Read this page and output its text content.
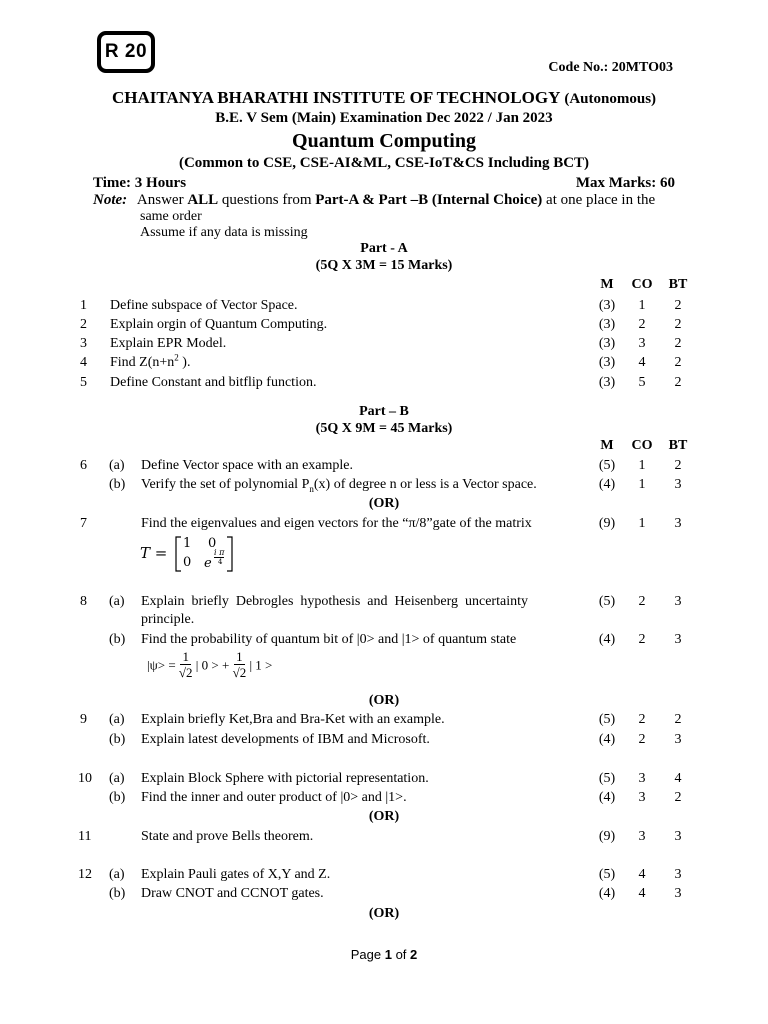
R 20
Code No.: 20MTO03
CHAITANYA BHARATHI INSTITUTE OF TECHNOLOGY (Autonomous)
B.E. V Sem (Main) Examination Dec 2022 / Jan 2023
Quantum Computing
(Common to CSE, CSE-AI&ML, CSE-IoT&CS Including BCT)
Time: 3 Hours	Max Marks: 60
Note: Answer ALL questions from Part-A & Part –B (Internal Choice) at one place in the
same order
Assume if any data is missing
Part - A
(5Q X 3M = 15 Marks)
M	CO	BT
1 Define subspace of Vector Space.	(3)	1	2
2 Explain orgin of Quantum Computing.	(3)	2	2
3 Explain EPR Model.	(3)	3	2
4 Find $Z(n+n^2$ ).	(3)	4	2
5 Define Constant and bitflip function.	(3)	5	2
Part – B
(5Q X 9M = 45 Marks)
M	CO	BT
6 (a) Define Vector space with an example.	(5)	1	2
(b) Verify the set of polynomial $P_n(x)$ of degree n or less is a Vector space.	(4)	1	3
(OR)
7	Find the eigenvalues and eigen vectors for the “π/8”gate of the matrix	(9)	1	3
T =
1 0
0 e
i π
4
8 (a) Explain  briefly  Debrogles  hypothesis  and  Heisenberg  uncertainty
principle.
(5)	2	3
(b) Find the probability of quantum bit of |0> and |1> of quantum state	(4)	2	3
$|\psi> = \frac{1}{√2}$ | 0 > + $\frac{1}{√2}$ | 1 >
(OR)
9 (a) Explain briefly Ket,Bra and Bra-Ket with an example.	(5)	2	2
(b) Explain latest developments of IBM and Microsoft.	(4)	2	3
10 (a) Explain Block Sphere with pictorial representation.	(5)	3	4
(b) Find the inner and outer product of |0> and |1>.	(4)	3	2
(OR)
11	State and prove Bells theorem.	(9)	3	3
12 (a) Explain Pauli gates of X,Y and Z.	(5)	4	3
(b) Draw CNOT and CCNOT gates.	(4)	4	3
(OR)
Page 1 of 2
